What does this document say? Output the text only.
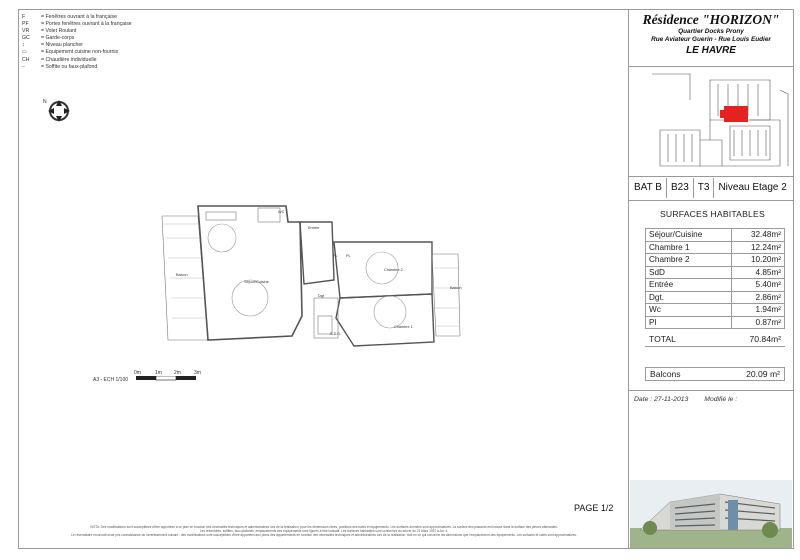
F	= Fenêtres ouvrant à la française
PF	= Portes fenêtres ouvrant à la française
VR	= Volet Roulant
GC	= Garde-corps
↕	= Niveau plancher
▭	= Equipement cuisine non-fournis
CH	= Chaudière individuelle
┄	= Soffite ou faux-plafond
N
Résidence "HORIZON"
Quartier Docks Prony
Rue Aviateur Guerin - Rue Louis Eudier
LE HAVRE
BAT B B23 T3 Niveau Etage 2
SURFACES HABITABLES
Séjour/Cuisine	32.48m²
Chambre 1	12.24m²
Chambre 2	10.20m²
SdD	4.85m²
Entrée	5.40m²
Dgt.	2.86m²
Wc	1.94m²
Pl	0.87m²
TOTAL	70.84m²
Balcons	20.09 m²
Date : 27-11-2013 Modifié le :
PAGE 1/2
Balcon
Séjour/Cuisine
Entrée
Chambre 2
Chambre 1
Balcon
S.D.D.
Dgt
WC
PL PL
0m	1m 2m	3m
A3 - ECH 1/100
NOTA: Des modifications sont susceptibles d'être apportées à ce plan en fonction des nécessités techniques et administratives lors de la réalisation, pour les dimensions libres, positions des baies et équipements. Les surfaces données sont approximatives. La surface des placards est incluse dans la surface des pièces attenantes.
Les retombées, soffites, faux-plafonds, emplacements des équipements sont figurés à titre indicatif. Les surfaces habitables sont conformes au décret du 23 Mars 1997 à Art. 4.
Le réservataire reconnaît avoir pris connaissance de l'avertissement suivant : des modifications sont susceptibles d'être apportées aux plans des appartements en fonction des nécessités techniques et administratives lors de la réalisation, tant en ce qui concerne les dimensions que l'emplacement des équipements. Les surfaces et cotes sont approximatives.
